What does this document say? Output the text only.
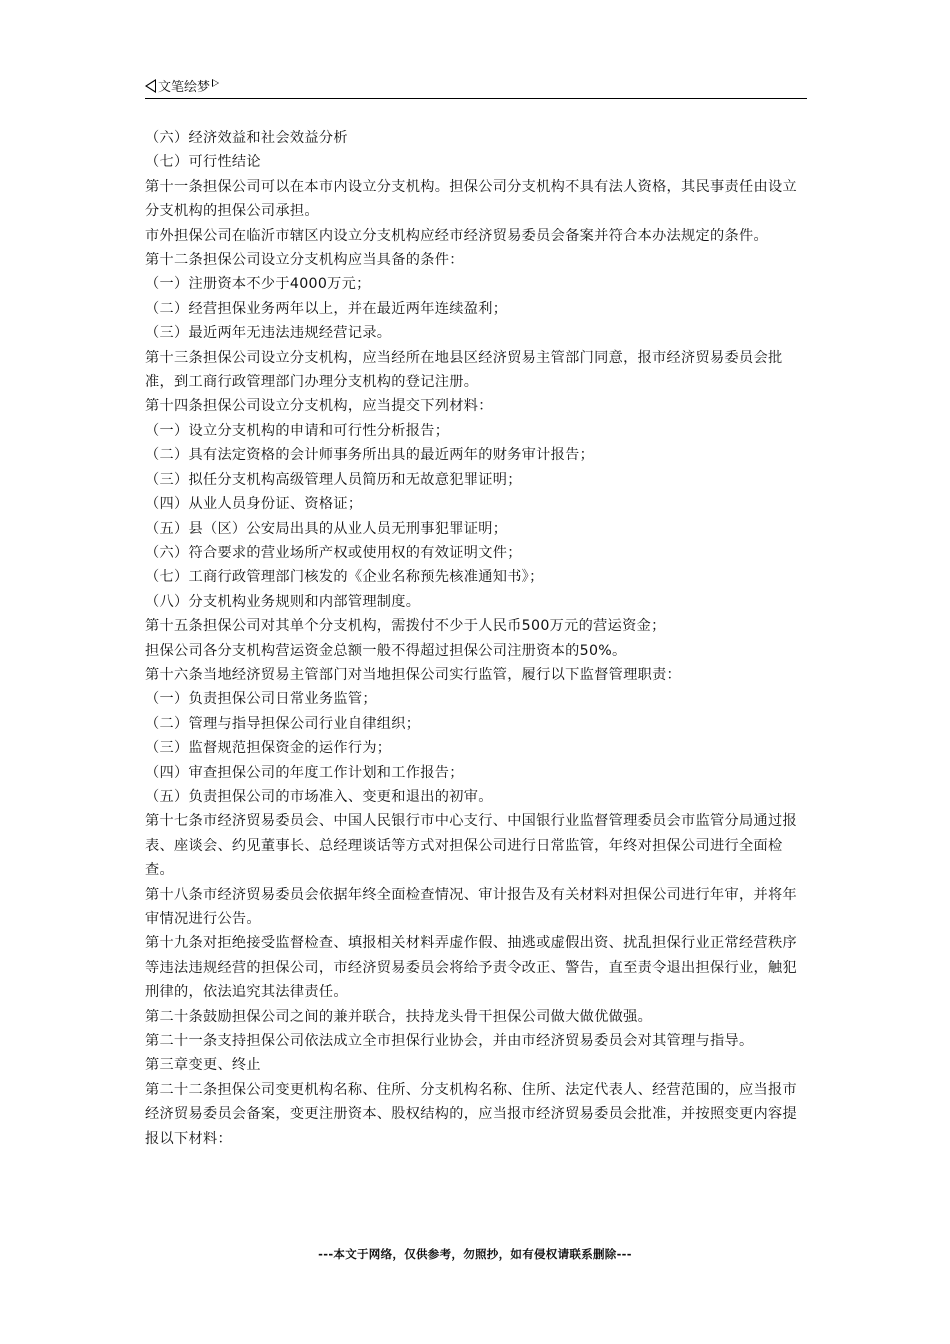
文笔绘梦

（六）经济效益和社会效益分析

（七）可行性结论

第十一条担保公司可以在本市内设立分支机构。担保公司分支机构不具有法人资格，其民事责任由设立分支机构的担保公司承担。

市外担保公司在临沂市辖区内设立分支机构应经市经济贸易委员会备案并符合本办法规定的条件。

第十二条担保公司设立分支机构应当具备的条件：

（一）注册资本不少于4000万元；

（二）经营担保业务两年以上，并在最近两年连续盈利；

（三）最近两年无违法违规经营记录。

第十三条担保公司设立分支机构，应当经所在地县区经济贸易主管部门同意，报市经济贸易委员会批准，到工商行政管理部门办理分支机构的登记注册。

第十四条担保公司设立分支机构，应当提交下列材料：

（一）设立分支机构的申请和可行性分析报告；

（二）具有法定资格的会计师事务所出具的最近两年的财务审计报告；

（三）拟任分支机构高级管理人员简历和无故意犯罪证明；

（四）从业人员身份证、资格证；

（五）县（区）公安局出具的从业人员无刑事犯罪证明；

（六）符合要求的营业场所产权或使用权的有效证明文件；

（七）工商行政管理部门核发的《企业名称预先核准通知书》；

（八）分支机构业务规则和内部管理制度。

第十五条担保公司对其单个分支机构，需拨付不少于人民币500万元的营运资金；

担保公司各分支机构营运资金总额一般不得超过担保公司注册资本的50%。

第十六条当地经济贸易主管部门对当地担保公司实行监管，履行以下监督管理职责：

（一）负责担保公司日常业务监管；

（二）管理与指导担保公司行业自律组织；

（三）监督规范担保资金的运作行为；

（四）审查担保公司的年度工作计划和工作报告；

（五）负责担保公司的市场准入、变更和退出的初审。

第十七条市经济贸易委员会、中国人民银行市中心支行、中国银行业监督管理委员会市监管分局通过报表、座谈会、约见董事长、总经理谈话等方式对担保公司进行日常监管，年终对担保公司进行全面检查。

第十八条市经济贸易委员会依据年终全面检查情况、审计报告及有关材料对担保公司进行年审，并将年审情况进行公告。

第十九条对拒绝接受监督检查、填报相关材料弄虚作假、抽逃或虚假出资、扰乱担保行业正常经营秩序等违法违规经营的担保公司，市经济贸易委员会将给予责令改正、警告，直至责令退出担保行业，触犯刑律的，依法追究其法律责任。

第二十条鼓励担保公司之间的兼并联合，扶持龙头骨干担保公司做大做优做强。

第二十一条支持担保公司依法成立全市担保行业协会，并由市经济贸易委员会对其管理与指导。

第三章变更、终止

第二十二条担保公司变更机构名称、住所、分支机构名称、住所、法定代表人、经营范围的，应当报市经济贸易委员会备案，变更注册资本、股权结构的，应当报市经济贸易委员会批准，并按照变更内容提报以下材料：

---本文于网络，仅供参考，勿照抄，如有侵权请联系删除---
